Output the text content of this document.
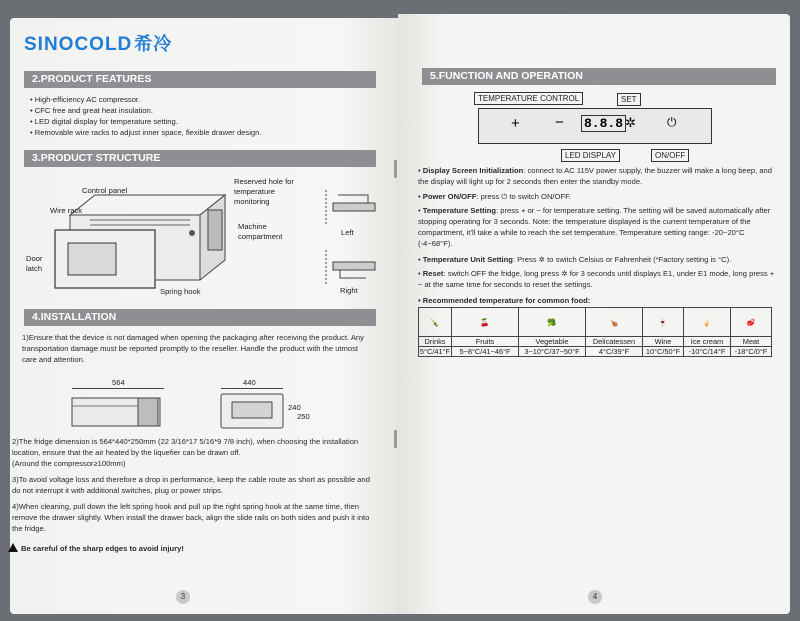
SINOCOLD 希冷
2.PRODUCT FEATURES
• High-efficiency AC compressor.
• CFC free and great heat insulation.
• LED digital display for temperature setting.
• Removable wire racks to adjust inner space, flexible drawer design.
3.PRODUCT STRUCTURE
Control panel
Wire rack
Door latch
Spring hook
Reserved hole for temperature monitoring
Machine compartment	Left
Right
4.INSTALLATION
1)Ensure that the device is not damaged when opening the packaging after receiving the product. Any transportation damage must be reported promptly to the reseller. Handle the product with the utmost care and attention.
564	440
240
250
2)The fridge dimension is 564*440*250mm (22 3/16*17 5/16*9 7/8 inch), when choosing the installation location, ensure that the air heated by the liquefier can be drawn off.
(Around the compressor≥100mm)
3)To avoid voltage loss and therefore a drop in performance, keep the cable route as short as possible and do not interrupt it with additional switches, plug or power strips.
4)When cleaning, pull down the left spring hook and pull up the right spring hook at the same time, then remove the drawer slightly. When install the drawer back, align the slide rails on both sides and push it into the fridge.
Be careful of the sharp edges to avoid injury!
3
5.FUNCTION AND OPERATION
TEMPERATURE CONTROL	SET
+ − 8.8.8 ✲	⏻
LED DISPLAY	ON/OFF
• Display Screen Initialization: connect to AC 115V power supply, the buzzer will make a long beep, and the display will light up for 2 seconds then enter the standby mode.
• Power ON/OFF: press ⏻ to switch ON/OFF.
• Temperature Setting: press + or − for temperature setting. The setting will be saved automatically after stopping operating for 3 seconds. Note: the temperature displayed is the current temperature of the compartment, it’ll take a while to reach the set temperature. Temperature setting range: -20~20°C (-4~68°F).
• Temperature Unit Setting: Press ✲ to switch Celsius or Fahrenheit (*Factory setting is °C).
• Reset: switch OFF the fridge, long press ✲ for 3 seconds until displays E1, under E1 mode, long press +− at the same time for seconds to reset the settings.
• Recommended temperature for common food:
🍾	🍒	🥦	🍗	🍷	🍦	🥩
Drinks	Fruits	Vegetable	Delicatessen	Wine	Ice cream	Meat
5°C/41°F	5~8°C/41~46°F	3~10°C/37~50°F	4°C/39°F	10°C/50°F	-10°C/14°F	-18°C/0°F
4
